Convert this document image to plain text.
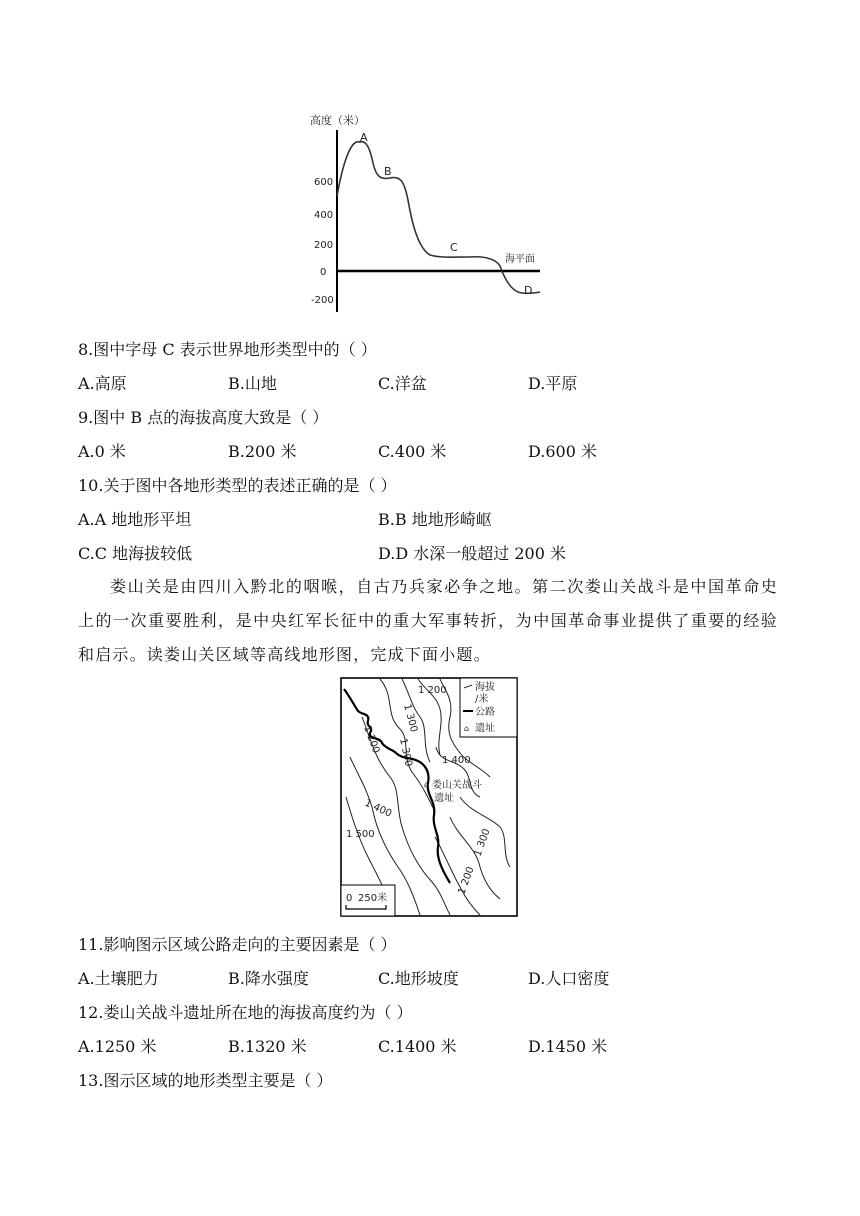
高度（米）
600
400
200
0
-200
海平面
A
B
C
D
8.图中字母 C 表示世界地形类型中的（ ）
A.高原	B.山地	C.洋盆	D.平原
9.图中 B 点的海拔高度大致是（ ）
A.0 米	B.200 米	C.400 米	D.600 米
10.关于图中各地形类型的表述正确的是（ ）
A.A 地地形平坦	B.B 地地形崎岖
C.C 地海拔较低	D.D 水深一般超过 200 米
娄山关是由四川入黔北的咽喉，自古乃兵家必争之地。第二次娄山关战斗是中国革命史上的一次重要胜利，是中央红军长征中的重大军事转折，为中国革命事业提供了重要的经验和启示。读娄山关区域等高线地形图，完成下面小题。
海拔
/米
公路
⌂ 遗址
1 200
1 200
1 300
1 300	1 400
1 400
1 500	1 300
1 200
⌂ 娄山关战斗
遗址
0 250米
11.影响图示区域公路走向的主要因素是（ ）
A.土壤肥力	B.降水强度	C.地形坡度	D.人口密度
12.娄山关战斗遗址所在地的海拔高度约为（ ）
A.1250 米	B.1320 米	C.1400 米	D.1450 米
13.图示区域的地形类型主要是（ ）
